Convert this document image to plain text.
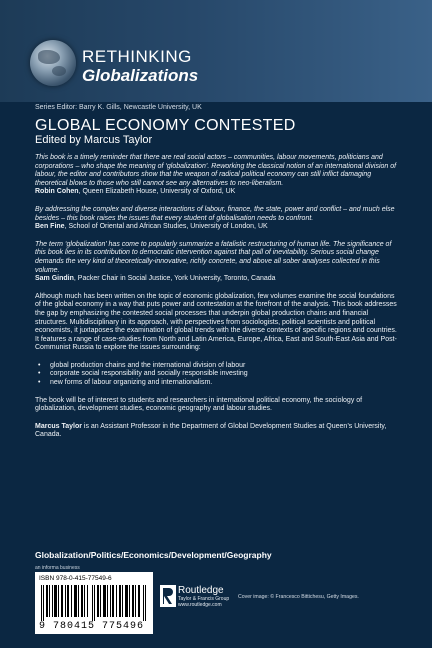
RETHINKING
Globalizations
Series Editor: Barry K. Gills, Newcastle University, UK
GLOBAL ECONOMY CONTESTED
Edited by Marcus Taylor
This book is a timely reminder that there are real social actors – communities, labour movements, politicians and corporations – who shape the meaning of ‘globalization’. Reworking the classical notion of an international division of labour, the editor and contributors show that the weapon of radical political economy can still inflict damaging theoretical blows to those who still cannot see any alternatives to neo-liberalism.
Robin Cohen, Queen Elizabeth House, University of Oxford, UK
By addressing the complex and diverse interactions of labour, finance, the state, power and conflict – and much else besides – this book raises the issues that every student of globalisation needs to confront.
Ben Fine, School of Oriental and African Studies, University of London, UK
The term ‘globalization’ has come to popularly summarize a fatalistic restructuring of human life. The significance of this book lies in its contribution to democratic intervention against that pall of inevitability. Serious social change demands the very kind of theoretically-innovative, richly concrete, and above all sober analyses collected in this volume.
Sam Gindin, Packer Chair in Social Justice, York University, Toronto, Canada
Although much has been written on the topic of economic globalization, few volumes examine the social foundations of the global economy in a way that puts power and contestation at the forefront of the analysis. This book addresses the gap by emphasizing the contested social processes that underpin global production chains and financial structures. Multidisciplinary in its approach, with perspectives from sociologists, political scientists and political economists, it juxtaposes the examination of global trends with the diverse contexts of specific regions and countries. It features a range of case-studies from North and Latin America, Europe, Africa, East and South-East Asia and Post-Communist Russia to explore the issues surrounding:
• global production chains and the international division of labour
• corporate social responsibility and socially responsible investing
• new forms of labour organizing and internationalism.
The book will be of interest to students and researchers in international political economy, the sociology of globalization, development studies, economic geography and labour studies.
Marcus Taylor is an Assistant Professor in the Department of Global Development Studies at Queen’s University, Canada.
Globalization/Politics/Economics/Development/Geography
an informa business
ISBN 978-0-415-77549-6
9 780415 775496
Routledge
Taylor & Francis Group
www.routledge.com
Cover image: © Francesco Bittichesu, Getty Images.
